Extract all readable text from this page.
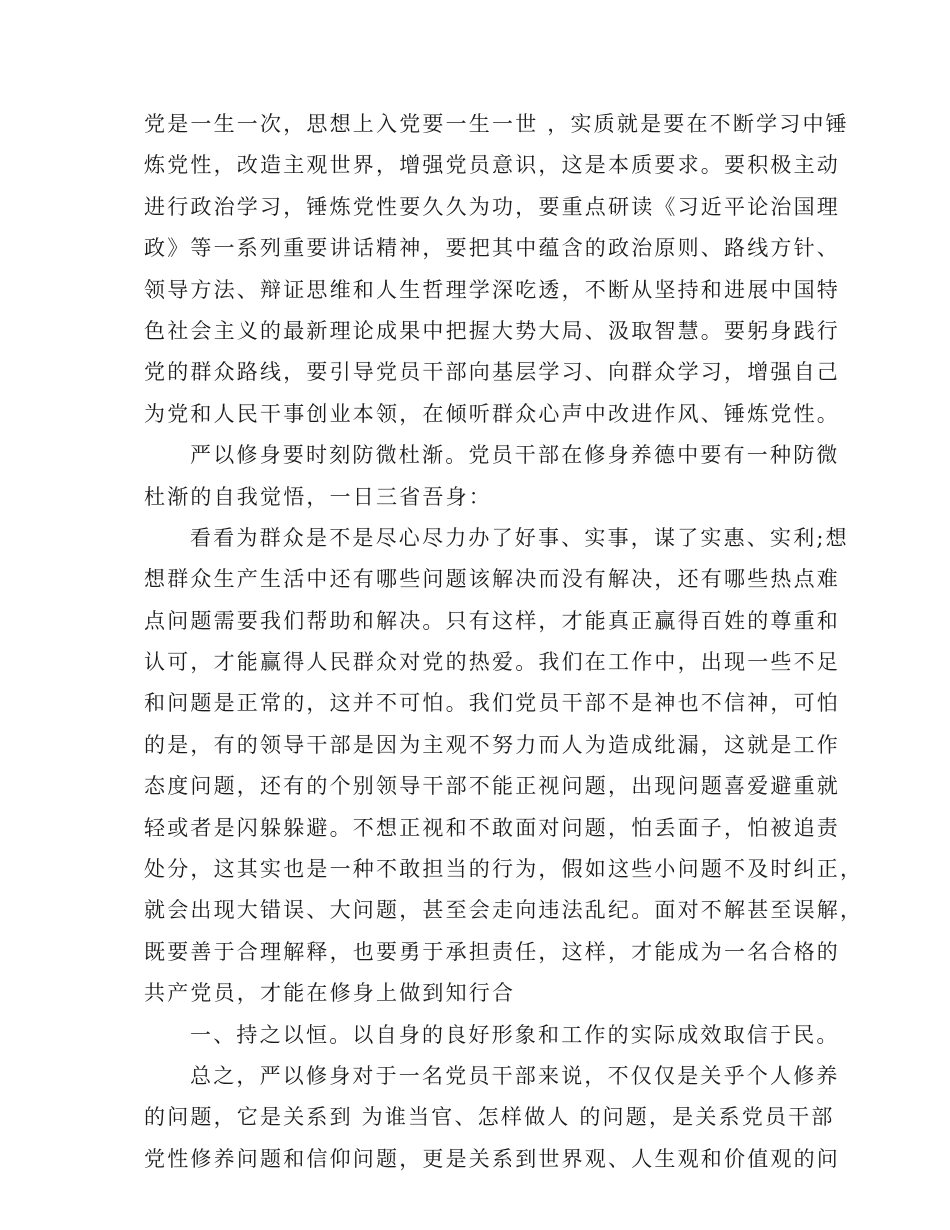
党是一生一次，思想上入党要一生一世 ，实质就是要在不断学习中锤
炼党性，改造主观世界，增强党员意识，这是本质要求。要积极主动
进行政治学习，锤炼党性要久久为功，要重点研读《习近平论治国理
政》等一系列重要讲话精神，要把其中蕴含的政治原则、路线方针、
领导方法、辩证思维和人生哲理学深吃透，不断从坚持和进展中国特
色社会主义的最新理论成果中把握大势大局、汲取智慧。要躬身践行
党的群众路线，要引导党员干部向基层学习、向群众学习，增强自己
为党和人民干事创业本领，在倾听群众心声中改进作风、锤炼党性。
严以修身要时刻防微杜渐。党员干部在修身养德中要有一种防微
杜渐的自我觉悟，一日三省吾身：
看看为群众是不是尽心尽力办了好事、实事，谋了实惠、实利;想
想群众生产生活中还有哪些问题该解决而没有解决，还有哪些热点难
点问题需要我们帮助和解决。只有这样，才能真正赢得百姓的尊重和
认可，才能赢得人民群众对党的热爱。我们在工作中，出现一些不足
和问题是正常的，这并不可怕。我们党员干部不是神也不信神，可怕
的是，有的领导干部是因为主观不努力而人为造成纰漏，这就是工作
态度问题，还有的个别领导干部不能正视问题，出现问题喜爱避重就
轻或者是闪躲躲避。不想正视和不敢面对问题，怕丢面子，怕被追责
处分，这其实也是一种不敢担当的行为，假如这些小问题不及时纠正，
就会出现大错误、大问题，甚至会走向违法乱纪。面对不解甚至误解，
既要善于合理解释，也要勇于承担责任，这样，才能成为一名合格的
共产党员，才能在修身上做到知行合
一、持之以恒。以自身的良好形象和工作的实际成效取信于民。
总之，严以修身对于一名党员干部来说，不仅仅是关乎个人修养
的问题，它是关系到 为谁当官、怎样做人 的问题，是关系党员干部
党性修养问题和信仰问题，更是关系到世界观、人生观和价值观的问
